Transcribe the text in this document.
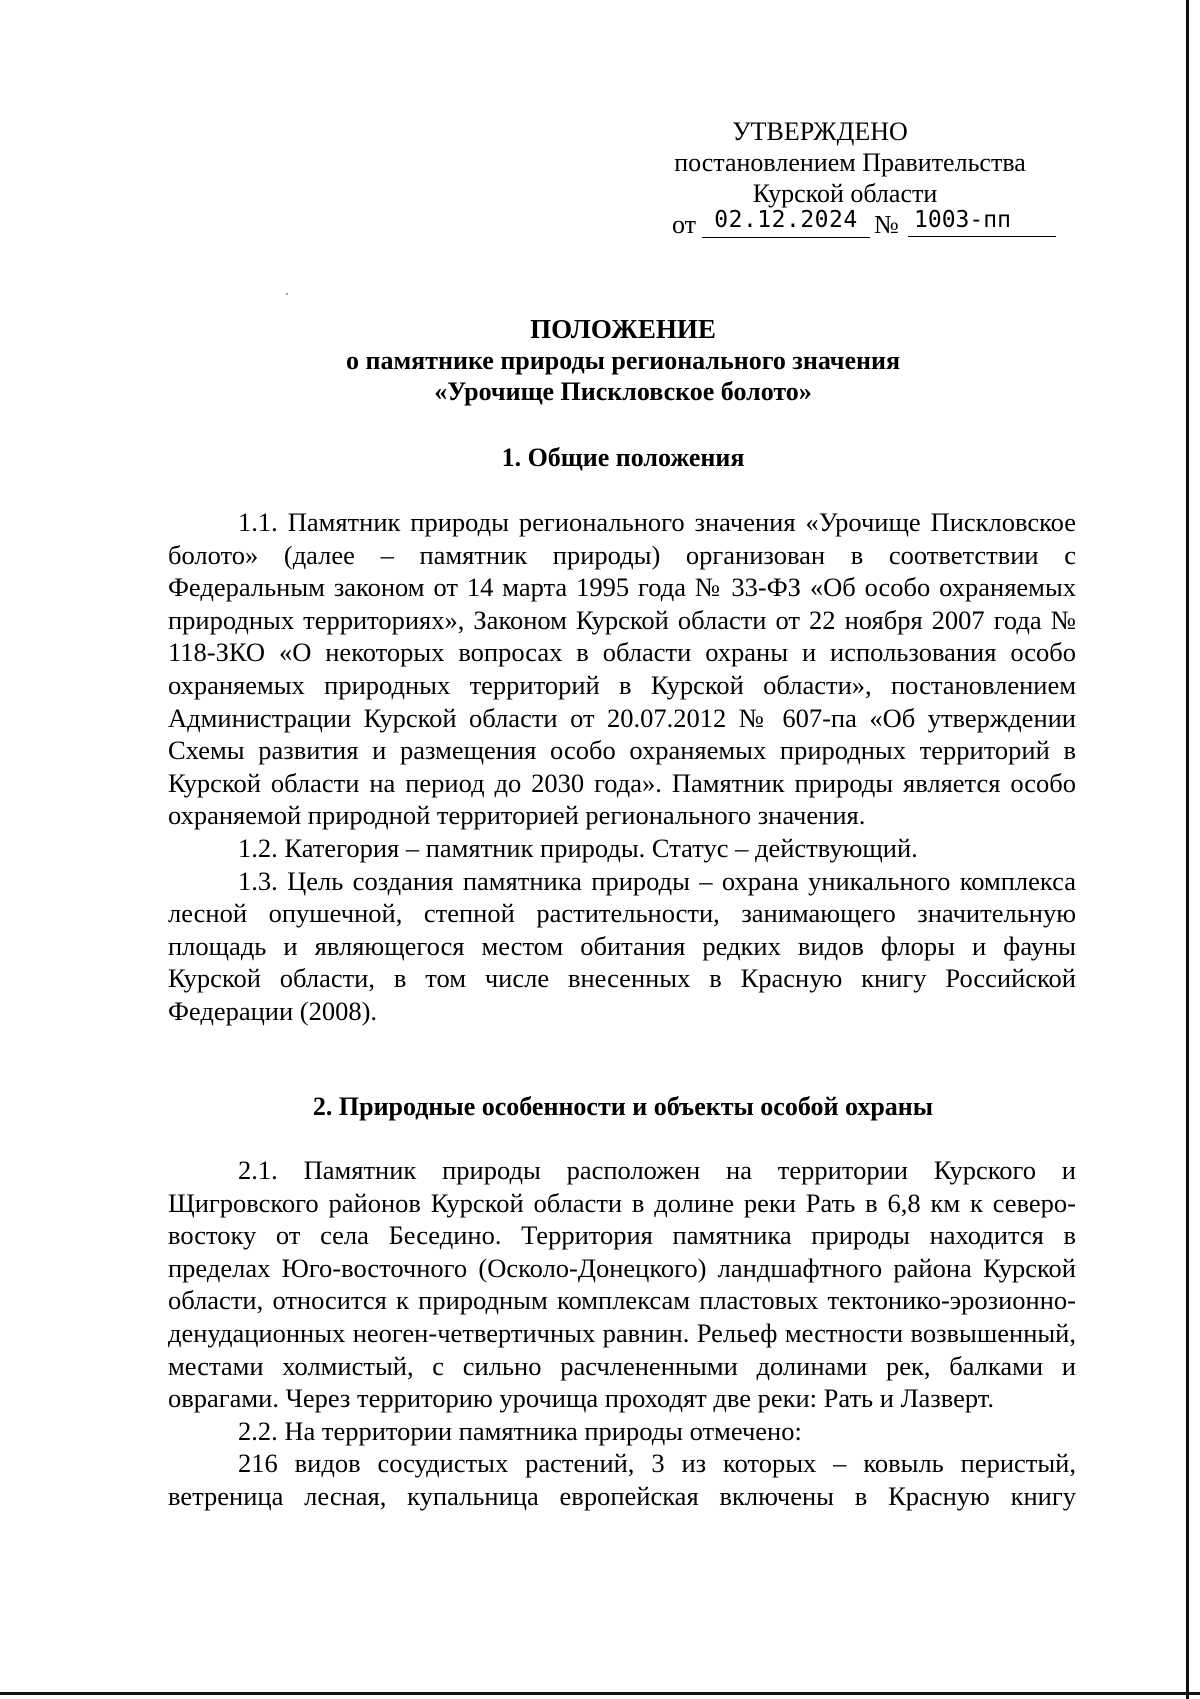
УТВЕРЖДЕНО
постановлением Правительства
Курской области
от 02.12.2024 № 1003-пп
ПОЛОЖЕНИЕ
о памятнике природы регионального значения
«Урочище Пискловское болото»
1. Общие положения

1.1. Памятник природы регионального значения «Урочище Пискловское болото» (далее – памятник природы) организован в соответствии с Федеральным законом от 14 марта 1995 года № 33-ФЗ «Об особо охраняемых природных территориях», Законом Курской области от 22 ноября 2007 года № 118-ЗКО «О некоторых вопросах в области охраны и использования особо охраняемых природных территорий в Курской области», постановлением Администрации Курской области от 20.07.2012 № 607-па «Об утверждении Схемы развития и размещения особо охраняемых природных территорий в Курской области на период до 2030 года». Памятник природы является особо охраняемой природной территорией регионального значения.

1.2. Категория – памятник природы. Статус – действующий.

1.3. Цель создания памятника природы – охрана уникального комплекса лесной опушечной, степной растительности, занимающего значительную площадь и являющегося местом обитания редких видов флоры и фауны Курской области, в том числе внесенных в Красную книгу Российской Федерации (2008).

2. Природные особенности и объекты особой охраны

2.1. Памятник природы расположен на территории Курского и Щигровского районов Курской области в долине реки Рать в 6,8 км к северо-востоку от села Беседино. Территория памятника природы находится в пределах Юго-восточного (Осколо-Донецкого) ландшафтного района Курской области, относится к природным комплексам пластовых тектонико-эрозионно-денудационных неоген-четвертичных равнин. Рельеф местности возвышенный, местами холмистый, с сильно расчлененными долинами рек, балками и оврагами. Через территорию урочища проходят две реки: Рать и Лазверт.

2.2. На территории памятника природы отмечено:

216 видов сосудистых растений, 3 из которых – ковыль перистый, ветреница лесная, купальница европейская включены в Красную книгу
